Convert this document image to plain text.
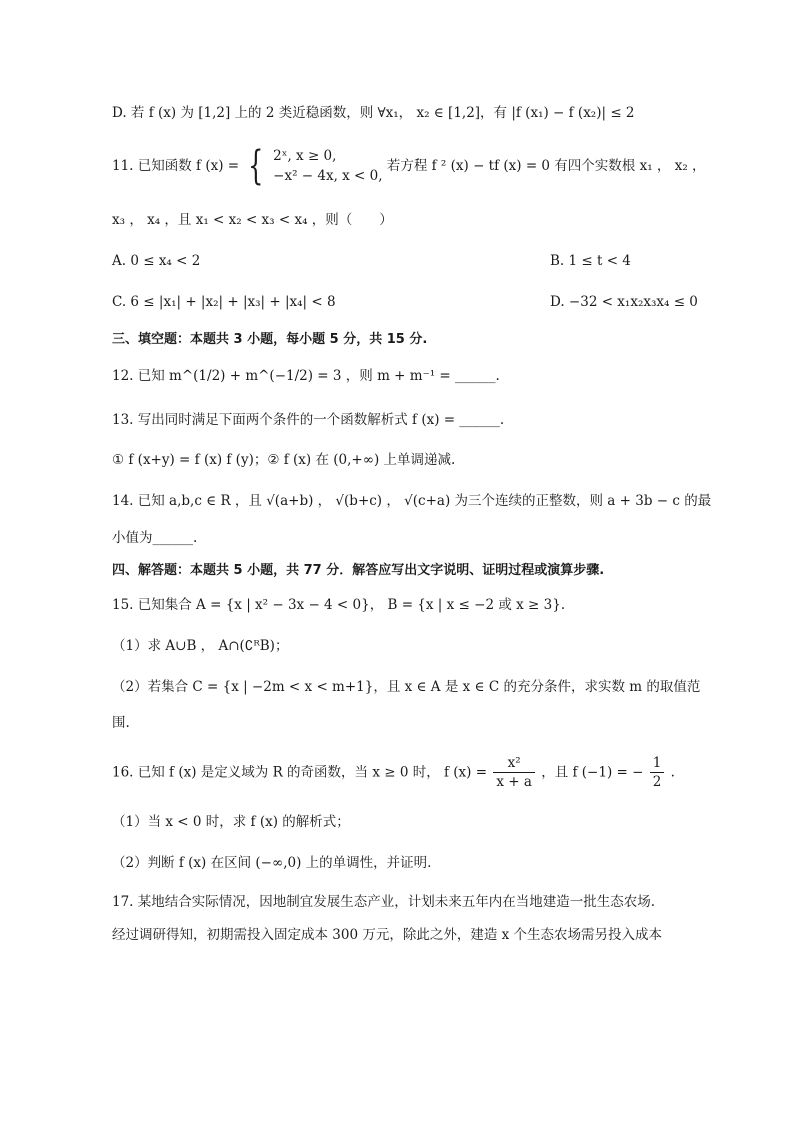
D. 若 f (x) 为 [1,2] 上的 2 类近稳函数，则 ∀x₁， x₂ ∈ [1,2]，有 |f (x₁) − f (x₂)| ≤ 2
11. 已知函数 f (x) = { 2ˣ, x ≥ 0,
−x² − 4x, x < 0,
若方程 f ² (x) − tf (x) = 0 有四个实数根 x₁ ， x₂ ，
x₃ ， x₄ ，且 x₁ < x₂ < x₃ < x₄ ，则（　　）
A. 0 ≤ x₄ < 2	B. 1 ≤ t < 4
C. 6 ≤ |x₁| + |x₂| + |x₃| + |x₄| < 8	D. −32 < x₁x₂x₃x₄ ≤ 0
三、填空题：本题共 3 小题，每小题 5 分，共 15 分.
12. 已知 m^(1/2) + m^(−1/2) = 3 ，则 m + m⁻¹ = ______.
13. 写出同时满足下面两个条件的一个函数解析式 f (x) = ______.
① f (x+y) = f (x) f (y)；② f (x) 在 (0,+∞) 上单调递减.
14. 已知 a,b,c ∈ R ，且 √(a+b) ， √(b+c) ， √(c+a) 为三个连续的正整数，则 a + 3b − c 的最
小值为______.
四、解答题：本题共 5 小题，共 77 分．解答应写出文字说明、证明过程或演算步骤.
15. 已知集合 A = {x | x² − 3x − 4 < 0}， B = {x | x ≤ −2 或 x ≥ 3}.
（1）求 A∪B ， A∩(∁ᴿB)；
（2）若集合 C = {x | −2m < x < m+1}，且 x ∈ A 是 x ∈ C 的充分条件，求实数 m 的取值范
围.
16. 已知 f (x) 是定义域为 R 的奇函数，当 x ≥ 0 时， f $(x) = \frac{\text{x²}}{x + a}$ ，且 f (−1) = − $\frac{1}{2}$ .
（1）当 x < 0 时，求 f (x) 的解析式；
（2）判断 f (x) 在区间 (−∞,0) 上的单调性，并证明.
17. 某地结合实际情况，因地制宜发展生态产业，计划未来五年内在当地建造一批生态农场.
经过调研得知，初期需投入固定成本 300 万元，除此之外，建造 x 个生态农场需另投入成本
